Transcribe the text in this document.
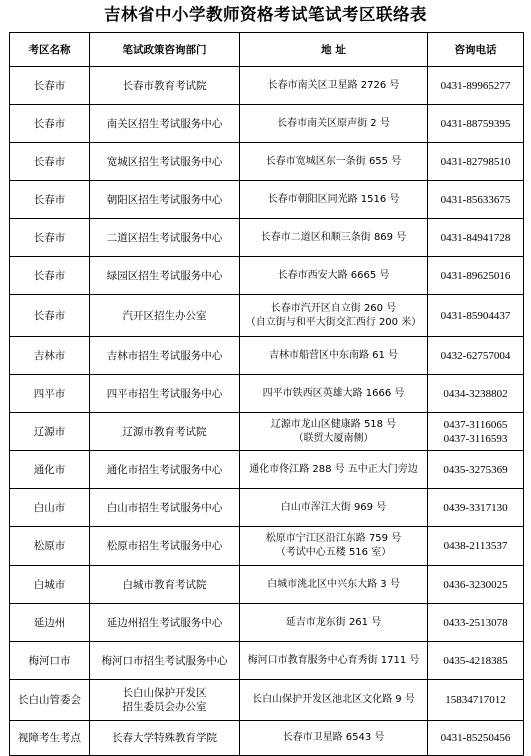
吉林省中小学教师资格考试笔试考区联络表
考区名称	笔试政策咨询部门	地 址	咨询电话
长春市	长春市教育考试院	长春市南关区卫星路 2726 号	0431-89965277

长春市	南关区招生考试服务中心	长春市南关区原声街 2 号	0431-88759395

长春市	宽城区招生考试服务中心	长春市宽城区东一条街 655 号	0431-82798510

长春市	朝阳区招生考试服务中心	长春市朝阳区同光路 1516 号	0431-85633675

长春市	二道区招生考试服务中心	长春市二道区和顺三条街 869 号	0431-84941728

长春市	绿园区招生考试服务中心	长春市西安大路 6665 号	0431-89625016

长春市	汽开区招生办公室	长春市汽开区自立街 260 号
（自立街与和平大街交汇西行 200 米）	0431-85904437

吉林市	吉林市招生考试服务中心	吉林市船营区中东南路 61 号	0432-62757004

四平市	四平市招生考试服务中心	四平市铁西区英雄大路 1666 号	0434-3238802

辽源市	辽源市教育考试院	辽源市龙山区健康路 518 号
（联贸大厦南侧）	0437-3116065
0437-3116593

通化市	通化市招生考试服务中心	通化市佟江路 288 号 五中正大门旁边	0435-3275369

白山市	白山市招生考试服务中心	白山市浑江大街 969 号	0439-3317130

松原市	松原市招生考试服务中心	松原市宁江区沿江东路 759 号
（考试中心五楼 516 室）	0438-2113537

白城市	白城市教育考试院	白城市洮北区中兴东大路 3 号	0436-3230025

延边州	延边州招生考试服务中心	延吉市龙东街 261 号	0433-2513078

梅河口市	梅河口市招生考试服务中心	梅河口市教育服务中心育秀街 1711 号	0435-4218385

长白山管委会	长白山保护开发区
招生委员会办公室	长白山保护开发区池北区文化路 9 号	15834717012

视障考生考点	长春大学特殊教育学院	长春市卫星路 6543 号	0431-85250456
